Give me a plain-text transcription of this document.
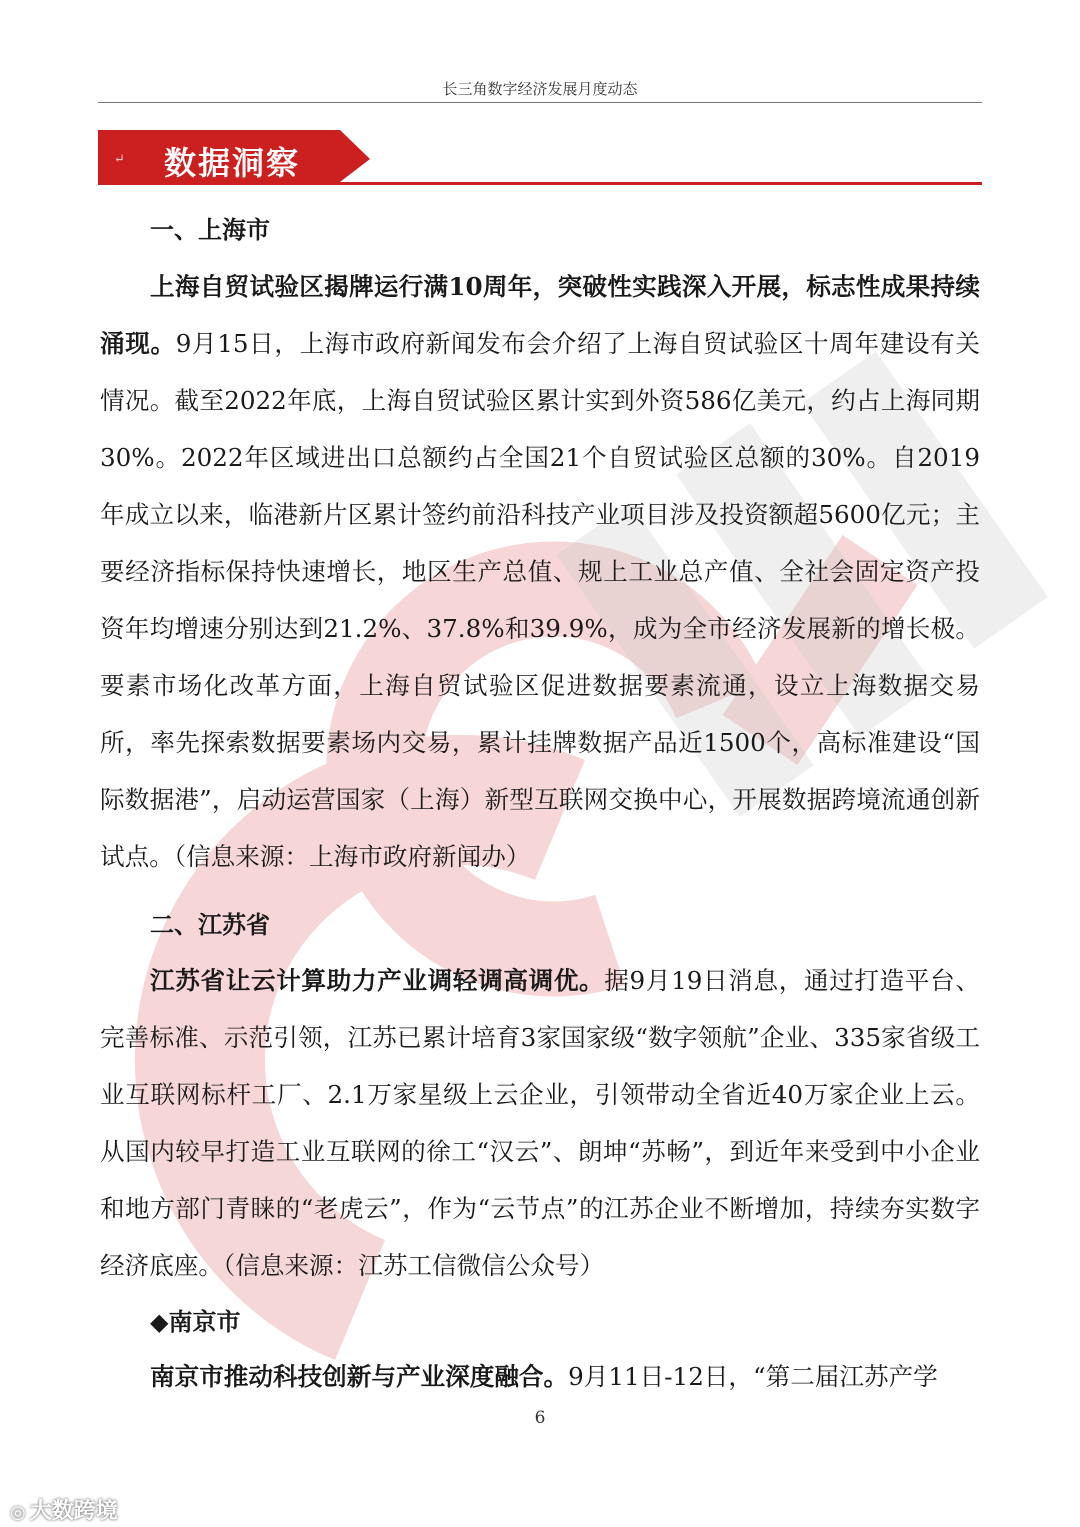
长三角数字经济发展月度动态
↵ 数据洞察
一、上海市

上海自贸试验区揭牌运行满10周年，突破性实践深入开展，标志性成果持续涌现。9月15日，上海市政府新闻发布会介绍了上海自贸试验区十周年建设有关情况。截至2022年底，上海自贸试验区累计实到外资586亿美元，约占上海同期30%。2022年区域进出口总额约占全国21个自贸试验区总额的30%。自2019年成立以来，临港新片区累计签约前沿科技产业项目涉及投资额超5600亿元；主要经济指标保持快速增长，地区生产总值、规上工业总产值、全社会固定资产投资年均增速分别达到21.2%、37.8%和39.9%，成为全市经济发展新的增长极。要素市场化改革方面，上海自贸试验区促进数据要素流通，设立上海数据交易所，率先探索数据要素场内交易，累计挂牌数据产品近1500个，高标准建设“国际数据港”，启动运营国家（上海）新型互联网交换中心，开展数据跨境流通创新试点。（信息来源：上海市政府新闻办）

二、江苏省

江苏省让云计算助力产业调轻调高调优。据9月19日消息，通过打造平台、完善标准、示范引领，江苏已累计培育3家国家级“数字领航”企业、335家省级工业互联网标杆工厂、2.1万家星级上云企业，引领带动全省近40万家企业上云。从国内较早打造工业互联网的徐工“汉云”、朗坤“苏畅”，到近年来受到中小企业和地方部门青睐的“老虎云”，作为“云节点”的江苏企业不断增加，持续夯实数字经济底座。（信息来源：江苏工信微信公众号）

◆南京市

南京市推动科技创新与产业深度融合。9月11日-12日，“第二届江苏产学

6
◎ 大数跨境
